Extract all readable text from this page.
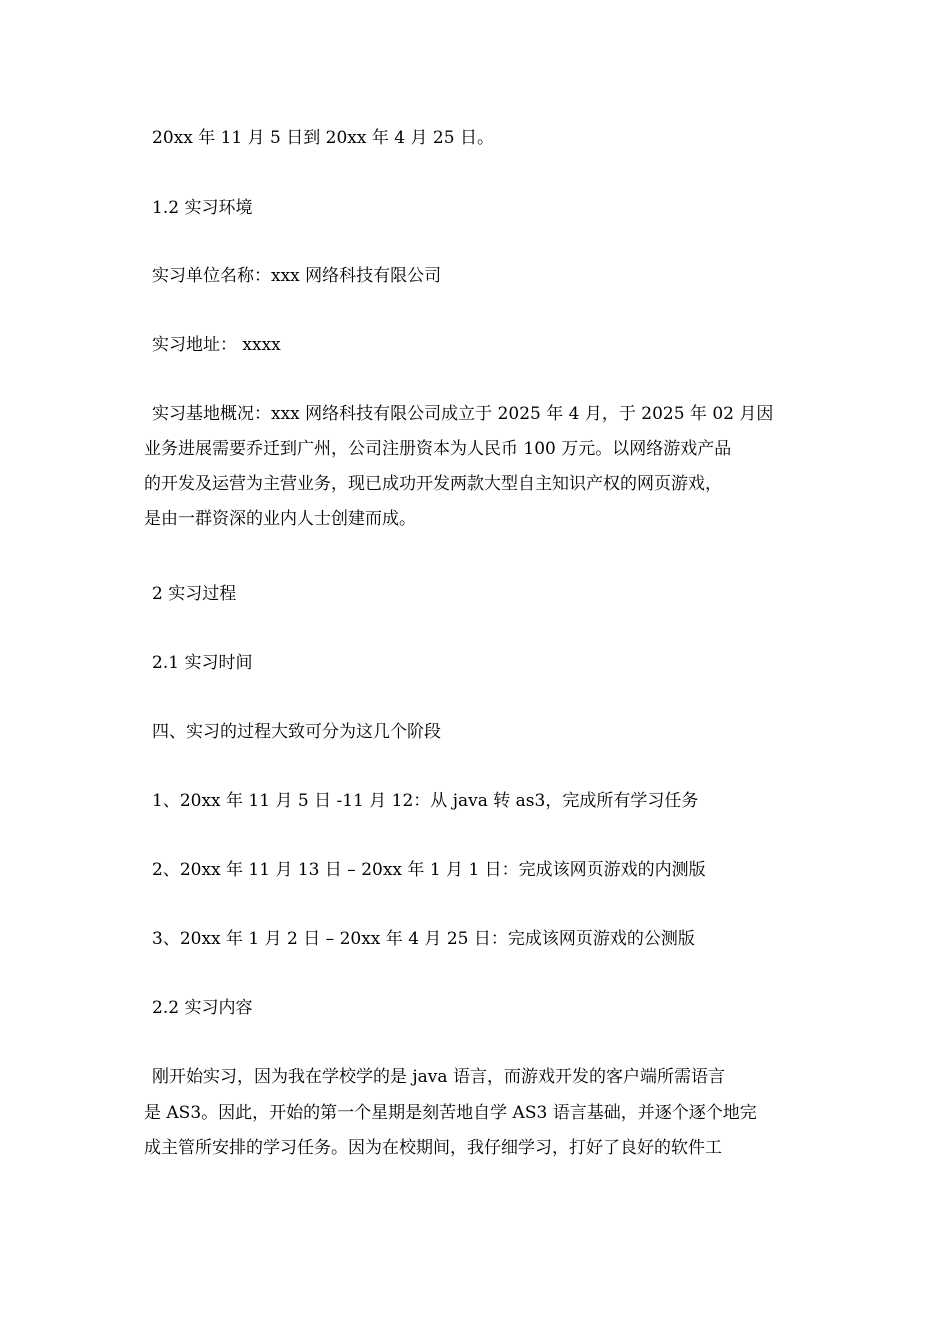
20xx 年 11 月 5 日到 20xx 年 4 月 25 日。

1.2 实习环境

实习单位名称：xxx 网络科技有限公司

实习地址： xxxx

实习基地概况：xxx 网络科技有限公司成立于 2025 年 4 月，于 2025 年 02 月因

业务进展需要乔迁到广州，公司注册资本为人民币 100 万元。以网络游戏产品

的开发及运营为主营业务，现已成功开发两款大型自主知识产权的网页游戏，

是由一群资深的业内人士创建而成。

2 实习过程

2.1 实习时间

四、实习的过程大致可分为这几个阶段

1、20xx 年 11 月 5 日 -11 月 12：从 java 转 as3，完成所有学习任务

2、20xx 年 11 月 13 日 – 20xx 年 1 月 1 日：完成该网页游戏的内测版

3、20xx 年 1 月 2 日 – 20xx 年 4 月 25 日：完成该网页游戏的公测版

2.2 实习内容

刚开始实习，因为我在学校学的是 java 语言，而游戏开发的客户端所需语言

是 AS3。因此，开始的第一个星期是刻苦地自学 AS3 语言基础，并逐个逐个地完

成主管所安排的学习任务。因为在校期间，我仔细学习，打好了良好的软件工
